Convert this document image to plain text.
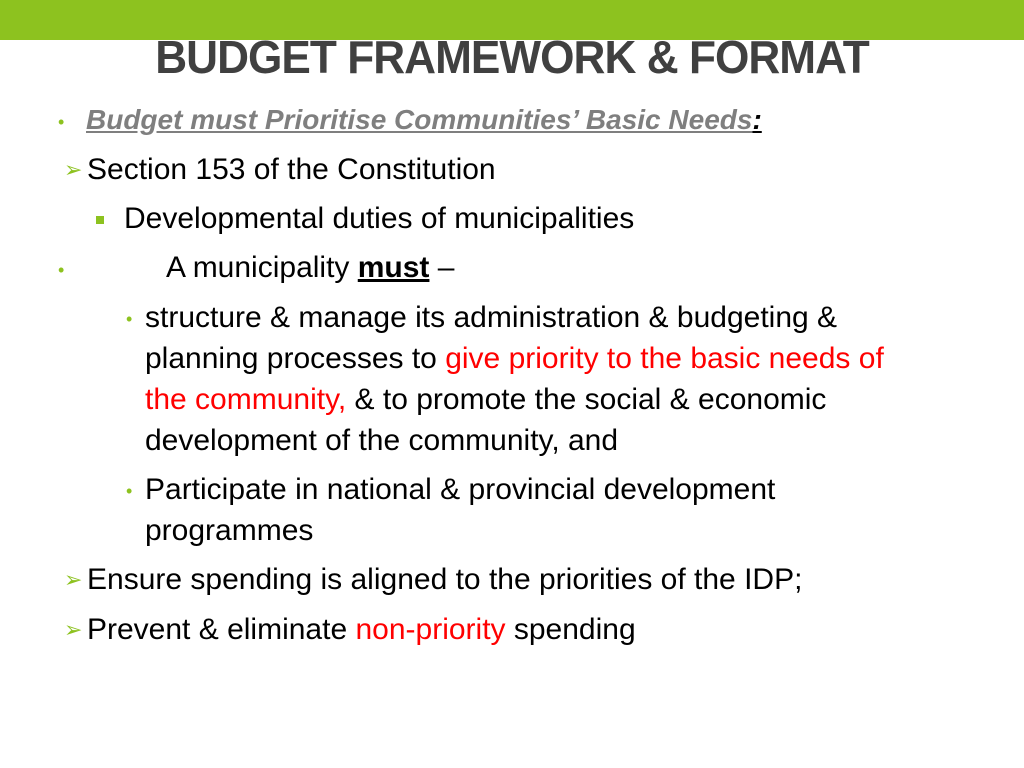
BUDGET FRAMEWORK & FORMAT
• Budget must Prioritise Communities’ Basic Needs:
➢ Section 153 of the Constitution
Developmental duties of municipalities
•	A municipality must –
• structure & manage its administration & budgeting &
planning processes to give priority to the basic needs of
the community, & to promote the social & economic
development of the community, and
• Participate in national & provincial development
programmes
➢ Ensure spending is aligned to the priorities of the IDP;
➢ Prevent & eliminate non-priority spending
